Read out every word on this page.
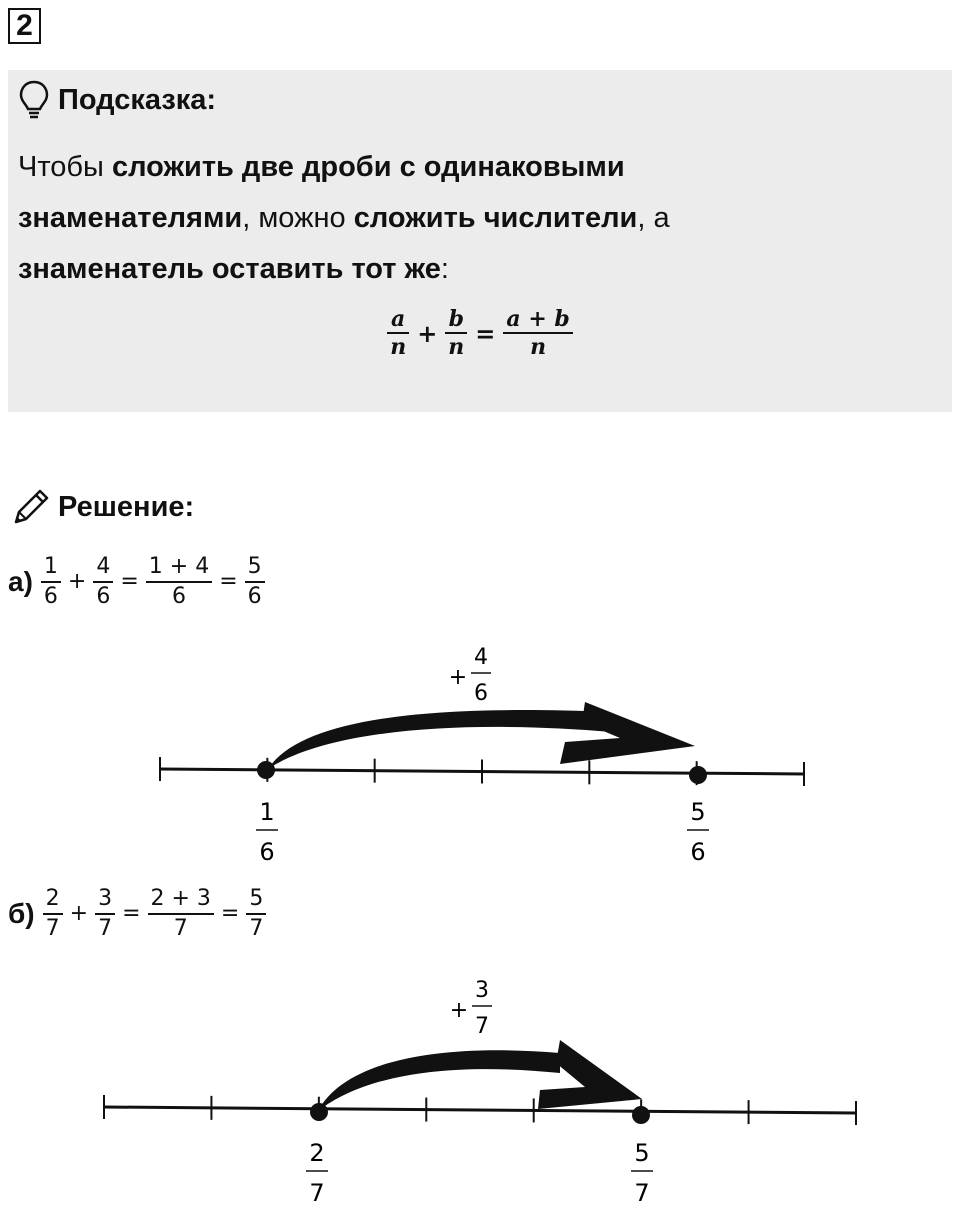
2
Подсказка:
Чтобы сложить две дроби с одинаковыми
знаменателями, можно сложить числители, а
знаменатель оставить тот же:
$\frac{a}{n} + \frac{b}{n} = \frac{a + b}{n}$
Решение:
$а) \frac{1}{6} + \frac{4}{6} = \frac{1 + 4}{6} = \frac{5}{6}$
+
4
6
1
6
5
6
$б) \frac{2}{7} + \frac{3}{7} = \frac{2 + 3}{7} = \frac{5}{7}$
+
3
7
2
7
5
7
